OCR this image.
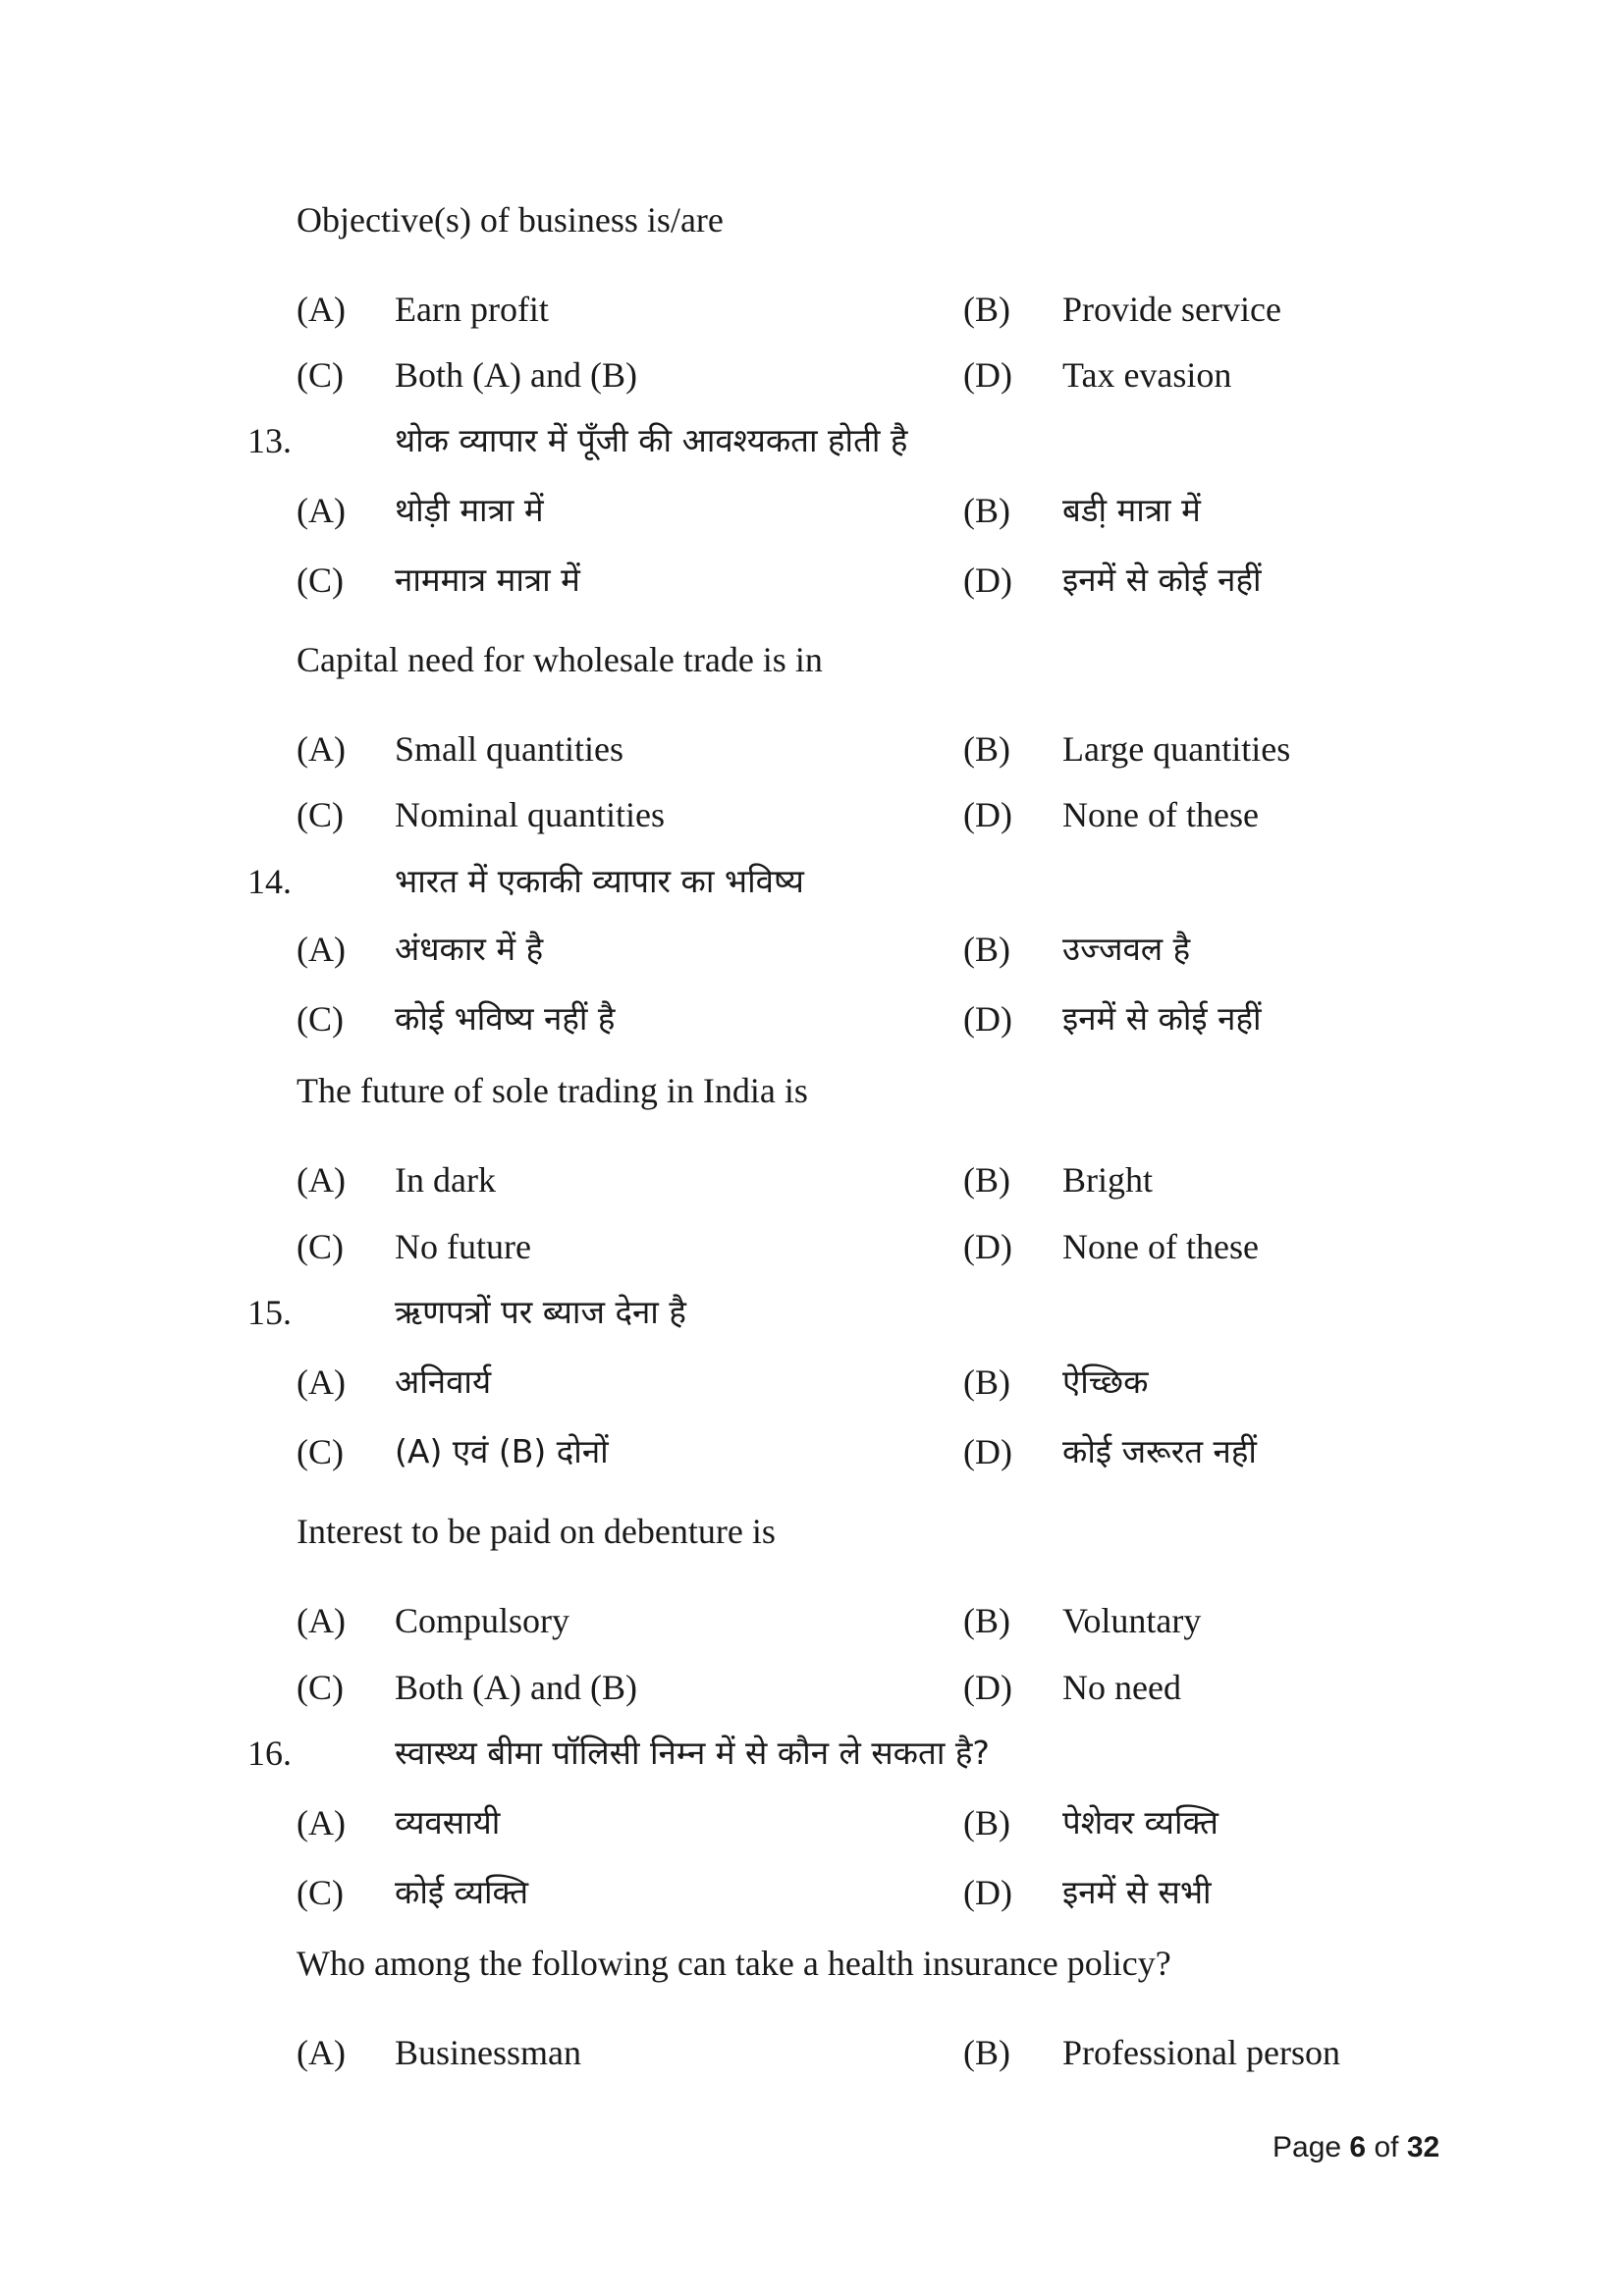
Objective(s) of business is/are
(A) Earn profit	(B) Provide service
(C) Both (A) and (B)	(D) Tax evasion
13.	थोक व्यापार में पूँजी की आवश्यकता होती है
(A) थोड़ी मात्रा में	(B) बडी़ मात्रा में
(C) नाममात्र मात्रा में	(D) इनमें से कोई नहीं
Capital need for wholesale trade is in
(A) Small quantities	(B) Large quantities
(C) Nominal quantities	(D) None of these
14.	भारत में एकाकी व्यापार का भविष्य
(A) अंधकार में है	(B) उज्जवल है
(C) कोई भविष्य नहीं है	(D) इनमें से कोई नहीं
The future of sole trading in India is
(A) In dark	(B) Bright
(C) No future	(D) None of these
15.	ऋणपत्रों पर ब्याज देना है
(A) अनिवार्य	(B) ऐच्छिक
(C) (A) एवं (B) दोनों	(D) कोई जरूरत नहीं
Interest to be paid on debenture is
(A) Compulsory	(B) Voluntary
(C) Both (A) and (B)	(D) No need
16.	स्वास्थ्य बीमा पॉलिसी निम्न में से कौन ले सकता है?
(A) व्यवसायी	(B) पेशेवर व्यक्ति
(C) कोई व्यक्ति	(D) इनमें से सभी
Who among the following can take a health insurance policy?
(A) Businessman	(B) Professional person
Page 6 of 32
